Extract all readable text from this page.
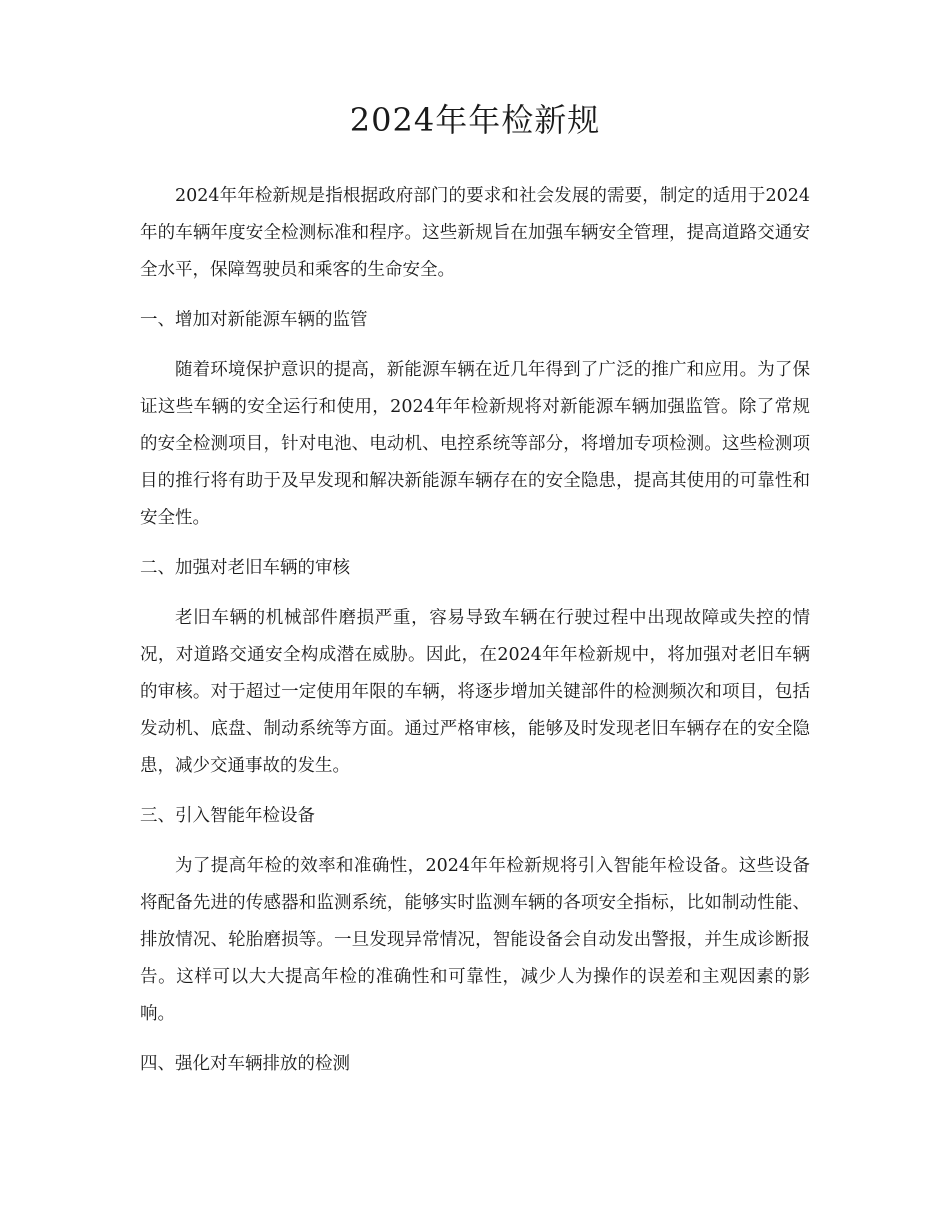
2024年年检新规

2024年年检新规是指根据政府部门的要求和社会发展的需要，制定的适用于2024年的车辆年度安全检测标准和程序。这些新规旨在加强车辆安全管理，提高道路交通安全水平，保障驾驶员和乘客的生命安全。

一、增加对新能源车辆的监管

随着环境保护意识的提高，新能源车辆在近几年得到了广泛的推广和应用。为了保证这些车辆的安全运行和使用，2024年年检新规将对新能源车辆加强监管。除了常规的安全检测项目，针对电池、电动机、电控系统等部分，将增加专项检测。这些检测项目的推行将有助于及早发现和解决新能源车辆存在的安全隐患，提高其使用的可靠性和安全性。

二、加强对老旧车辆的审核

老旧车辆的机械部件磨损严重，容易导致车辆在行驶过程中出现故障或失控的情况，对道路交通安全构成潜在威胁。因此，在2024年年检新规中，将加强对老旧车辆的审核。对于超过一定使用年限的车辆，将逐步增加关键部件的检测频次和项目，包括发动机、底盘、制动系统等方面。通过严格审核，能够及时发现老旧车辆存在的安全隐患，减少交通事故的发生。

三、引入智能年检设备

为了提高年检的效率和准确性，2024年年检新规将引入智能年检设备。这些设备将配备先进的传感器和监测系统，能够实时监测车辆的各项安全指标，比如制动性能、排放情况、轮胎磨损等。一旦发现异常情况，智能设备会自动发出警报，并生成诊断报告。这样可以大大提高年检的准确性和可靠性，减少人为操作的误差和主观因素的影响。

四、强化对车辆排放的检测
